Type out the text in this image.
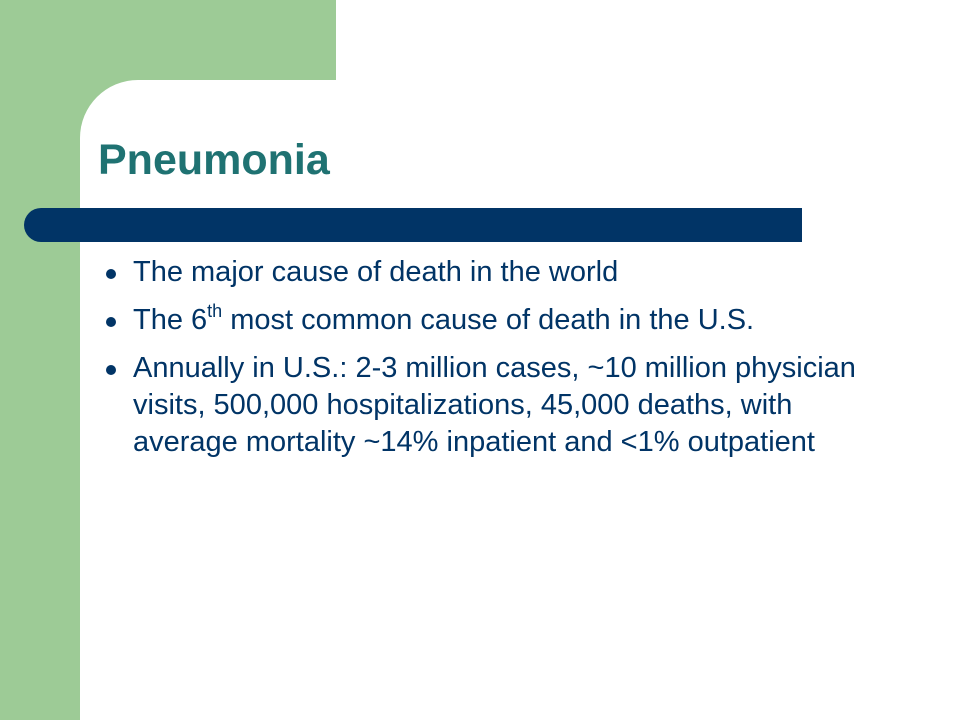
Pneumonia
The major cause of death in the world
The 6th most common cause of death in the U.S.
Annually in U.S.: 2-3 million cases, ~10 million physician visits, 500,000 hospitalizations, 45,000 deaths, with average mortality ~14% inpatient and <1% outpatient
